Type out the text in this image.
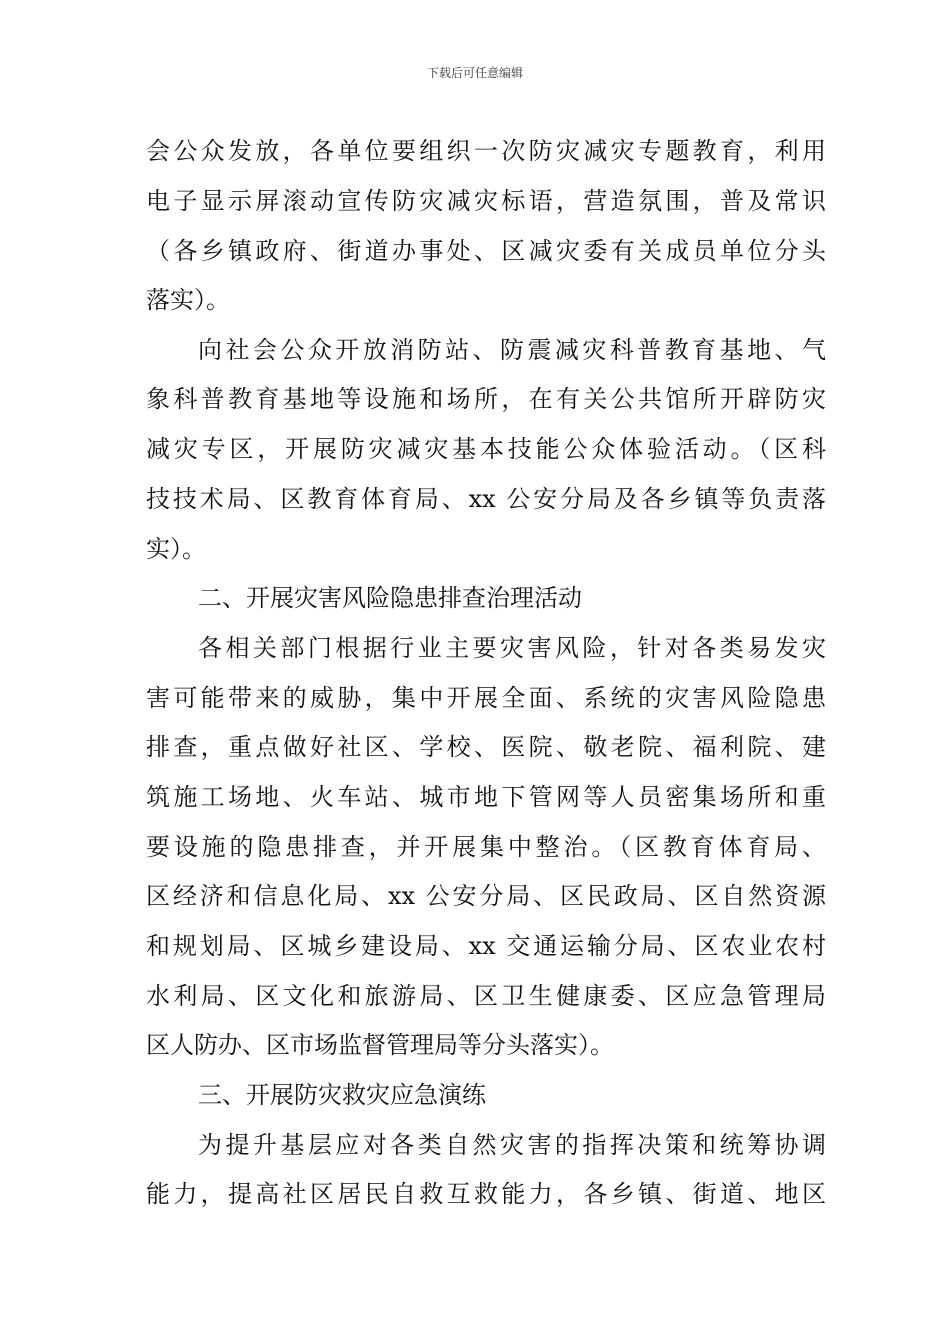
下载后可任意编辑
会公众发放，各单位要组织一次防灾减灾专题教育，利用
电子显示屏滚动宣传防灾减灾标语，营造氛围，普及常识
（各乡镇政府、街道办事处、区减灾委有关成员单位分头
落实）。
向社会公众开放消防站、防震减灾科普教育基地、气
象科普教育基地等设施和场所，在有关公共馆所开辟防灾
减灾专区，开展防灾减灾基本技能公众体验活动。（区科
技技术局、区教育体育局、xx 公安分局及各乡镇等负责落
实）。
二、开展灾害风险隐患排查治理活动
各相关部门根据行业主要灾害风险，针对各类易发灾
害可能带来的威胁，集中开展全面、系统的灾害风险隐患
排查，重点做好社区、学校、医院、敬老院、福利院、建
筑施工场地、火车站、城市地下管网等人员密集场所和重
要设施的隐患排查，并开展集中整治。（区教育体育局、
区经济和信息化局、xx 公安分局、区民政局、区自然资源
和规划局、区城乡建设局、xx 交通运输分局、区农业农村
水利局、区文化和旅游局、区卫生健康委、区应急管理局
区人防办、区市场监督管理局等分头落实）。
三、开展防灾救灾应急演练
为提升基层应对各类自然灾害的指挥决策和统筹协调
能力，提高社区居民自救互救能力，各乡镇、街道、地区
